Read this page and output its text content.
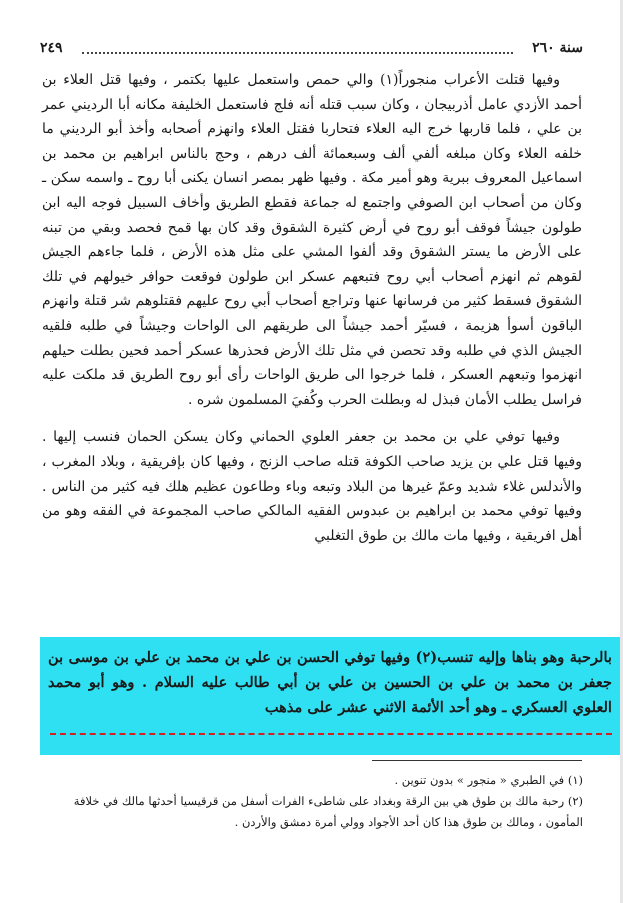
٢٤٩	سنة ٢٦٠

وفيها قتلت الأعراب منجوراً(١) والي حمص واستعمل عليها بكتمر ، وفيها قتل العلاء بن أحمد الأزدي عامل أذربيجان ، وكان سبب قتله أنه فلج فاستعمل الخليفة مكانه أبا الرديني عمر بن علي ، فلما قاربها خرج اليه العلاء فتحاربا فقتل العلاء وانهزم أصحابه وأخذ أبو الرديني ما خلفه العلاء وكان مبلغه ألفي ألف وسبعمائة ألف درهم ، وحج بالناس ابراهيم بن محمد بن اسماعيل المعروف ببرية وهو أمير مكة . وفيها ظهر بمصر انسان يكنى أبا روح ـ واسمه سكن ـ وكان من أصحاب ابن الصوفي واجتمع له جماعة فقطع الطريق وأخاف السبيل فوجه اليه ابن طولون جيشاً فوقف أبو روح في أرض كثيرة الشقوق وقد كان بها قمح فحصد وبقي من تبنه على الأرض ما يستر الشقوق وقد ألفوا المشي على مثل هذه الأرض ، فلما جاءهم الجيش لقوهم ثم انهزم أصحاب أبي روح فتبعهم عسكر ابن طولون فوقعت حوافر خيولهم في تلك الشقوق فسقط كثير من فرسانها عنها وتراجع أصحاب أبي روح عليهم فقتلوهم شر قتلة وانهزم الباقون أسوأ هزيمة ، فسيّر أحمد جيشاً الى طريقهم الى الواحات وجيشاً في طلبه فلقيه الجيش الذي في طلبه وقد تحصن في مثل تلك الأرض فحذرها عسكر أحمد فحين بطلت حيلهم انهزموا وتبعهم العسكر ، فلما خرجوا الى طريق الواحات رأى أبو روح الطريق قد ملكت عليه فراسل يطلب الأمان فبذل له وبطلت الحرب وكُفيَ المسلمون شره .

وفيها توفي علي بن محمد بن جعفر العلوي الحماني وكان يسكن الحمان فنسب إليها . وفيها قتل علي بن يزيد صاحب الكوفة قتله صاحب الزنج ، وفيها كان بإفريقية ، وبلاد المغرب ، والأندلس غلاء شديد وعمّ غيرها من البلاد وتبعه وباء وطاعون عظيم هلك فيه كثير من الناس . وفيها توفي محمد بن ابراهيم بن عبدوس الفقيه المالكي صاحب المجموعة في الفقه وهو من أهل افريقية ، وفيها مات مالك بن طوق التغلبي

بالرحبة وهو بناها وإليه تنسب(٢) وفيها توفي الحسن بن علي بن محمد بن علي بن موسى بن جعفر بن محمد بن علي بن الحسين بن علي بن أبي طالب عليه السلام . وهو أبو محمد العلوي العسكري ـ وهو أحد الأئمة الاثني عشر على مذهب
(١) في الطبري « منجور » بدون تنوين .
(٢) رحبة مالك بن طوق هي بين الرقة وبغداد على شاطىء الفرات أسفل من قرقيسيا أحدثها مالك في خلافة المأمون ، ومالك بن طوق هذا كان أحد الأجواد وولي أمرة دمشق والأردن .
